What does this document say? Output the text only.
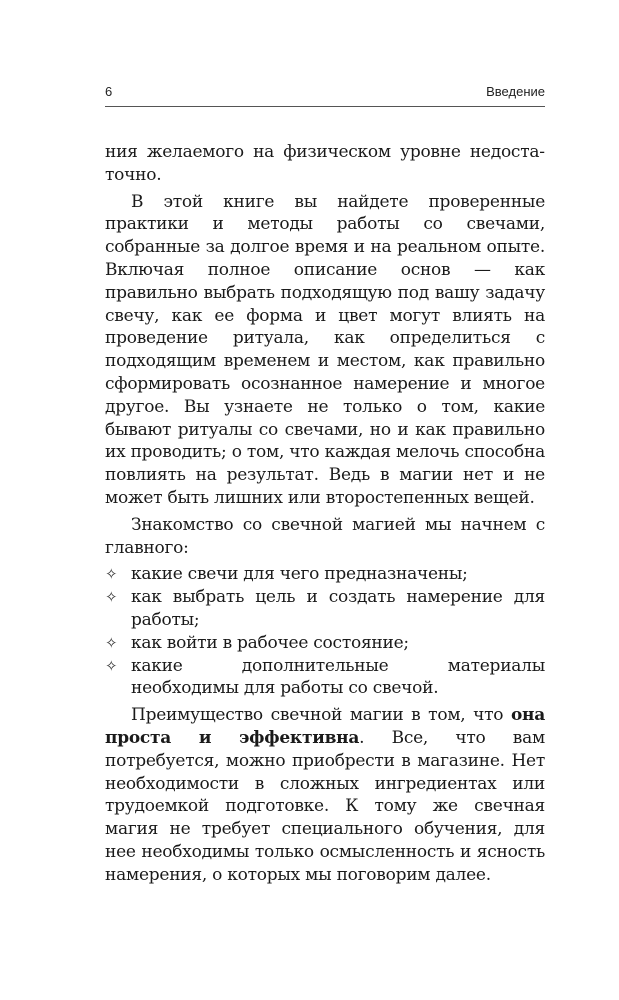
6	Введение

ния желаемого на физическом уровне недостаточно.

В этой книге вы найдете проверенные практики и методы работы со свечами, собранные за долгое время и на реальном опыте. Включая полное описание основ — как правильно выбрать подходящую под вашу задачу свечу, как ее форма и цвет могут влиять на проведение ритуала, как определиться с подходящим временем и местом, как правильно сформировать осознанное намерение и многое другое. Вы узнаете не только о том, какие бывают ритуалы со свечами, но и как правильно их проводить; о том, что каждая мелочь способна повлиять на результат. Ведь в магии нет и не может быть лишних или второстепенных вещей.

Знакомство со свечной магией мы начнем с главного:

✧ какие свечи для чего предназначены;
✧ как выбрать цель и создать намерение для работы;
✧ как войти в рабочее состояние;
✧ какие дополнительные материалы необходимы для работы со свечой.

Преимущество свечной магии в том, что она проста и эффективна. Все, что вам потребуется, можно приобрести в магазине. Нет необходимости в сложных ингредиентах или трудоемкой подготовке. К тому же свечная магия не требует специального обучения, для нее необходимы только осмысленность и ясность намерения, о которых мы поговорим далее.
